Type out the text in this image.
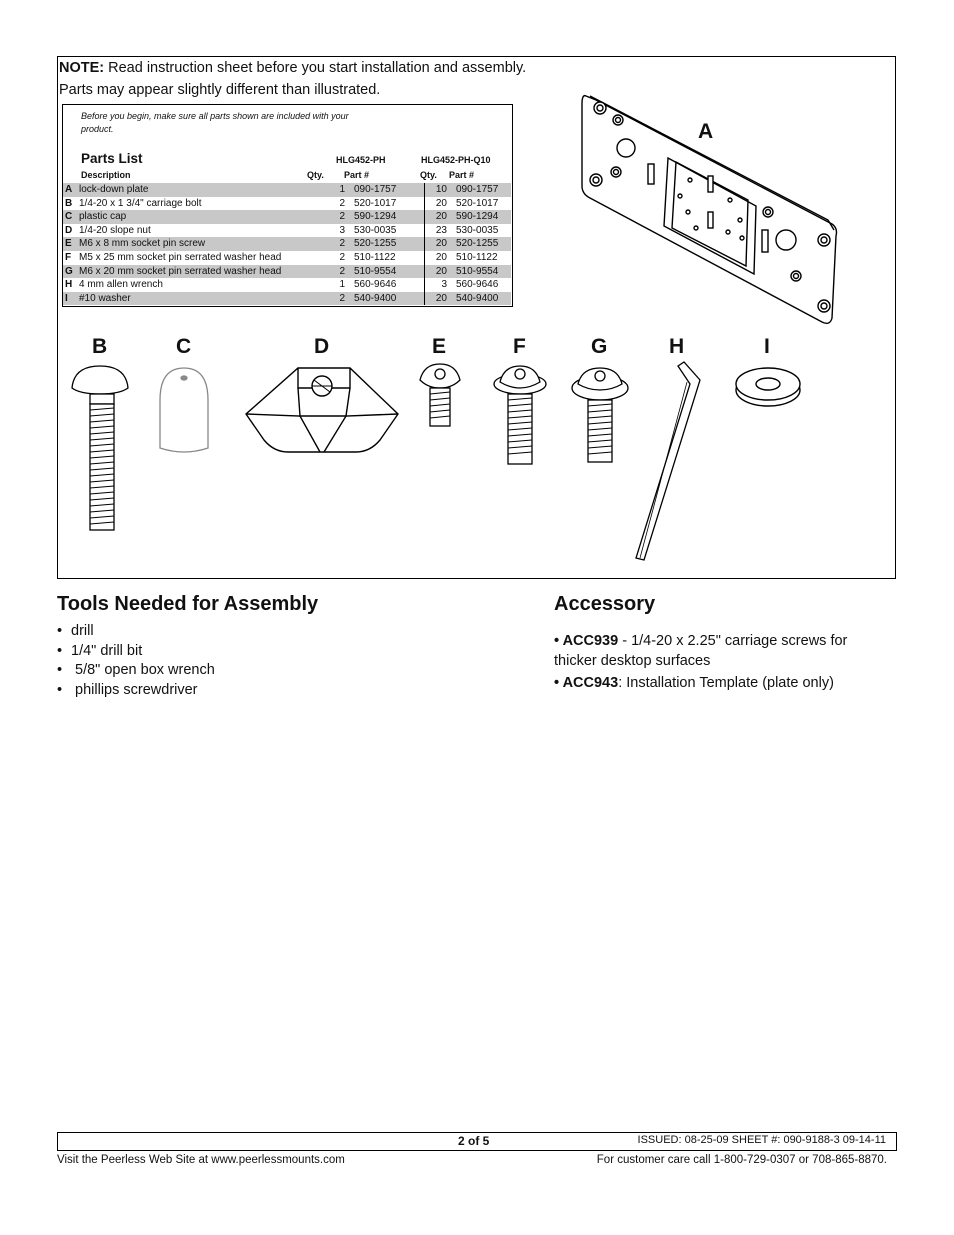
NOTE: Read instruction sheet before you start installation and assembly.
Parts may appear slightly different than illustrated.
Before you begin, make sure all parts shown are included with your product.
Parts List	HLG452-PH	HLG452-PH-Q10
Description	Qty. Part #	Qty. Part #
A	lock-down plate	1	090-1757	10	090-1757
B	1/4-20 x 1 3/4" carriage bolt	2	520-1017	20	520-1017
C	plastic cap	2	590-1294	20	590-1294
D	1/4-20 slope nut	3	530-0035	23	530-0035
E	M6 x 8 mm socket pin screw	2	520-1255	20	520-1255
F	M5 x 25 mm socket pin serrated washer head	2	510-1122	20	510-1122
G	M6 x 20 mm socket pin serrated washer head	2	510-9554	20	510-9554
H	4 mm allen wrench	1	560-9646	3	560-9646
I	#10 washer	2	540-9400	20	540-9400
A
B	C	D	E	F	G	H	I
Tools Needed for Assembly
• drill
• 1/4" drill bit
• 5/8" open box wrench
• phillips screwdriver
Accessory
• ACC939 - 1/4-20 x 2.25" carriage screws for thicker desktop surfaces
• ACC943: Installation Template (plate only)
2 of 5	ISSUED: 08-25-09 SHEET #: 090-9188-3 09-14-11
Visit the Peerless Web Site at www.peerlessmounts.com	For customer care call 1-800-729-0307 or 708-865-8870.
